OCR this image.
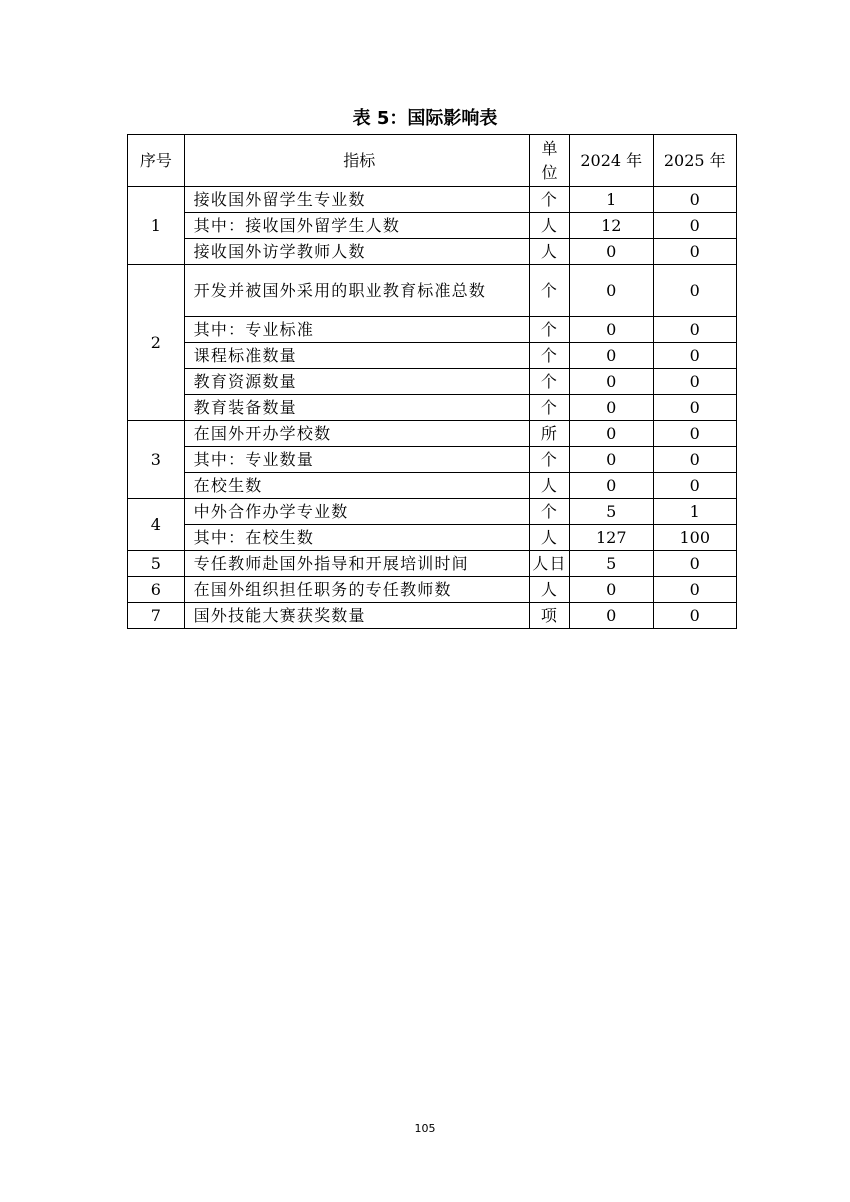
表 5：国际影响表
序号	指标	单位	2024 年	2025 年
1	接收国外留学生专业数	个	1	0
	其中：接收国外留学生人数	人	12	0
	接收国外访学教师人数	人	0	0
2	开发并被国外采用的职业教育标准总数	个	0	0
	其中：专业标准	个	0	0
	课程标准数量	个	0	0
	教育资源数量	个	0	0
	教育装备数量	个	0	0
3	在国外开办学校数	所	0	0
	其中：专业数量	个	0	0
	在校生数	人	0	0
4	中外合作办学专业数	个	5	1
	其中：在校生数	人	127	100
5	专任教师赴国外指导和开展培训时间	人日	5	0
6	在国外组织担任职务的专任教师数	人	0	0
7	国外技能大赛获奖数量	项	0	0
105
